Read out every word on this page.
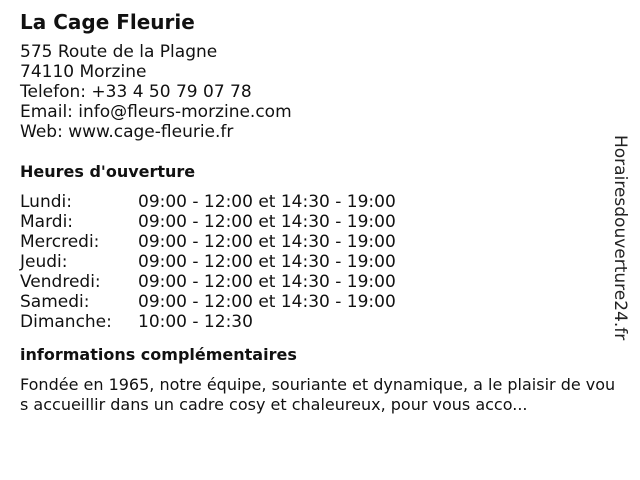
La Cage Fleurie
575 Route de la Plagne
74110 Morzine
Telefon: +33 4 50 79 07 78
Email: info@fleurs-morzine.com
Web: www.cage-fleurie.fr
Heures d'ouverture
Lundi:	09:00 - 12:00 et 14:30 - 19:00
Mardi:	09:00 - 12:00 et 14:30 - 19:00
Mercredi:	09:00 - 12:00 et 14:30 - 19:00
Jeudi:	09:00 - 12:00 et 14:30 - 19:00
Vendredi:	09:00 - 12:00 et 14:30 - 19:00
Samedi:	09:00 - 12:00 et 14:30 - 19:00
Dimanche:	10:00 - 12:30
informations complémentaires
Fondée en 1965, notre équipe, souriante et dynamique, a le plaisir de vous accueillir dans un cadre cosy et chaleureux, pour vous acco...
Horairesdouverture24.fr
